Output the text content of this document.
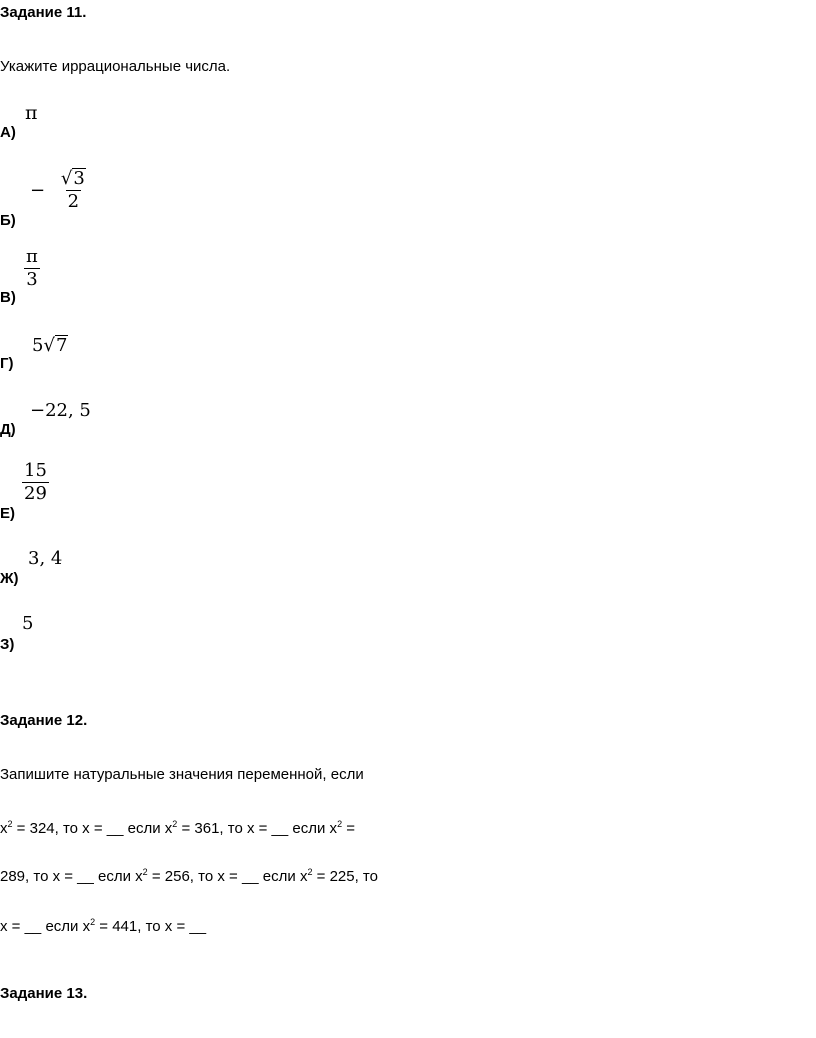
Задание 11.
Укажите иррациональные числа.
А)
π
Б)
− $\frac{√ 3}{2}$
В)
$\frac{\pi}{3}$
Г)
5 √ 7
Д)
−22, 5
Е)
$\frac{15}{29}$
Ж)
3, 4
З)
5
Задание 12.
Запишите натуральные значения переменной, если
$x^2 = 324$, то x = __ если $x^2 = 361$, то x = __ если $x^2$ =
289, то x = __ если $x^2 = 256$, то x = __ если $x^2 = 225$, то
x = __ если $x^2 = 441$, то x = __
Задание 13.
